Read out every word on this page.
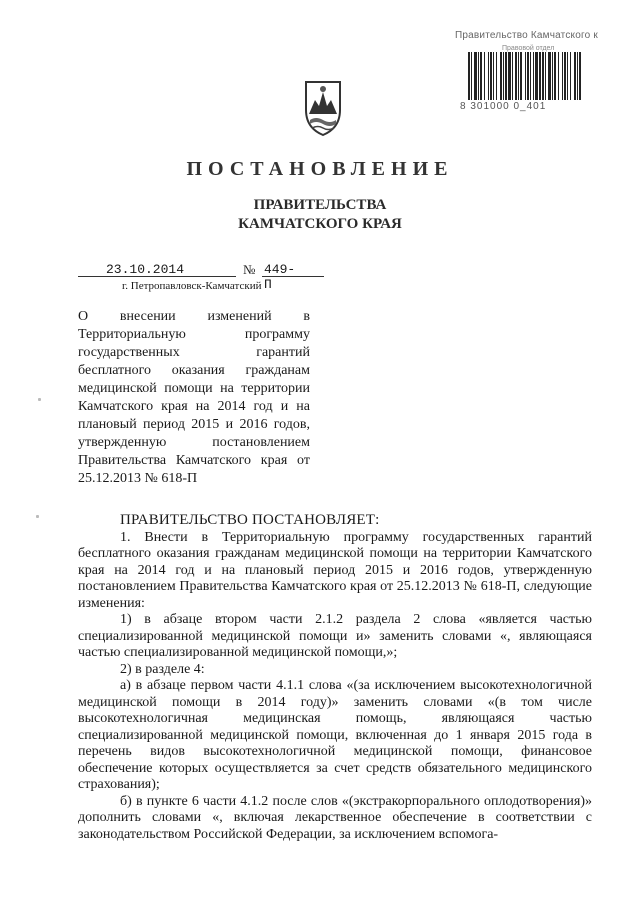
Правительство Камчатского к
Правовой отдел
8 301000 0_401
ПОСТАНОВЛЕНИЕ
ПРАВИТЕЛЬСТВА
КАМЧАТСКОГО КРАЯ
23.10.2014	№ 449-П
г. Петропавловск-Камчатский
О внесении изменений в Территориальную программу государственных гарантий бесплатного оказания гражданам медицинской помощи на территории Камчатского края на 2014 год и на плановый период 2015 и 2016 годов, утвержденную постановлением Правительства Камчатского края от 25.12.2013 № 618-П

ПРАВИТЕЛЬСТВО ПОСТАНОВЛЯЕТ:

1. Внести в Территориальную программу государственных гарантий бесплатного оказания гражданам медицинской помощи на территории Камчатского края на 2014 год и на плановый период 2015 и 2016 годов, утвержденную постановлением Правительства Камчатского края от 25.12.2013 № 618-П, следующие изменения:

1) в абзаце втором части 2.1.2 раздела 2 слова «является частью специализированной медицинской помощи и» заменить словами «, являющаяся частью специализированной медицинской помощи,»;

2) в разделе 4:

а) в абзаце первом части 4.1.1 слова «(за исключением высокотехнологичной медицинской помощи в 2014 году)» заменить словами «(в том числе высокотехнологичная медицинская помощь, являющаяся частью специализированной медицинской помощи, включенная до 1 января 2015 года в перечень видов высокотехнологичной медицинской помощи, финансовое обеспечение которых осуществляется за счет средств обязательного медицинского страхования);

б) в пункте 6 части 4.1.2 после слов «(экстракорпорального оплодотворения)» дополнить словами «, включая лекарственное обеспечение в соответствии с законодательством Российской Федерации, за исключением вспомога-
